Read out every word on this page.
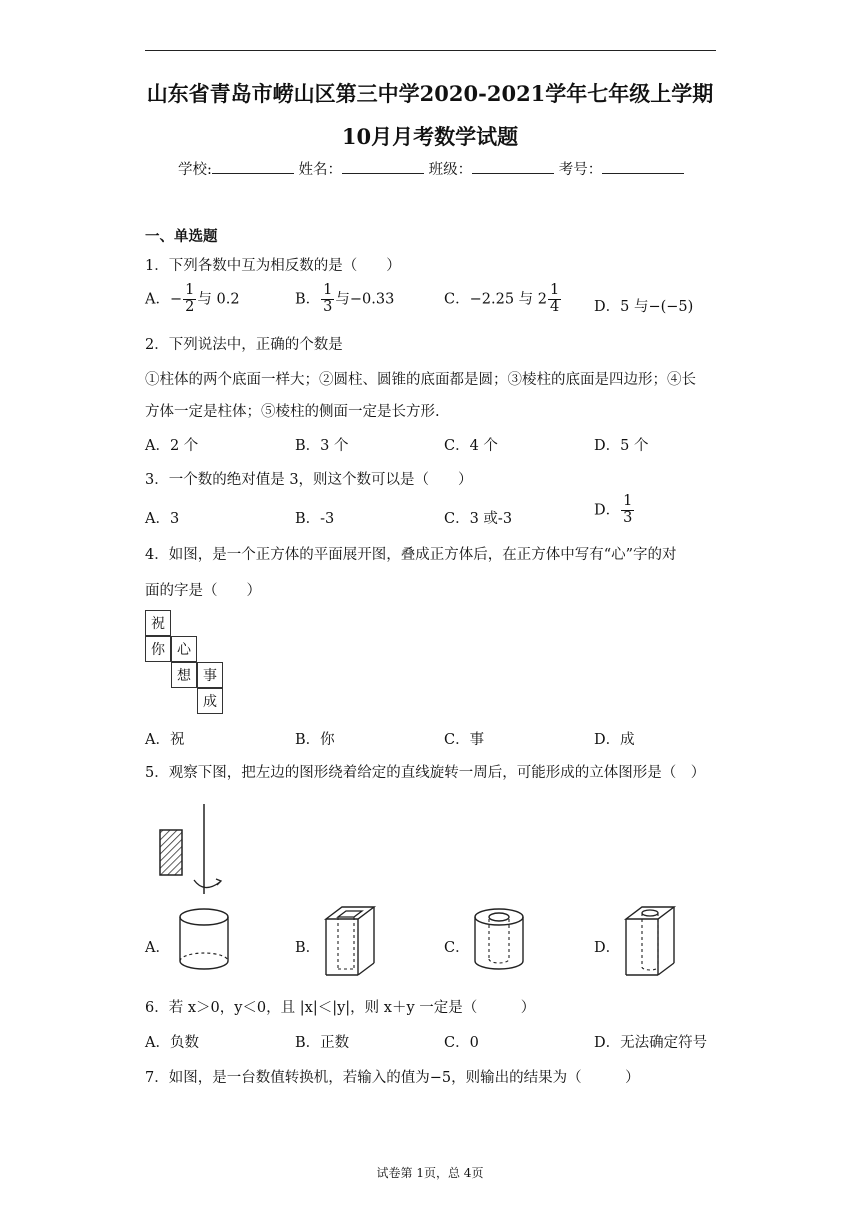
山东省青岛市崂山区第三中学2020-2021学年七年级上学期
10月月考数学试题
学校:	姓名：	班级：	考号：
一、单选题
1．下列各数中互为相反数的是（　　）
A．− $\frac{1}{2}$ 与 0.2	B． $\frac{1}{3}$ 与−0.33	C．−2.25 与 $2 \frac{1}{4}$ D．5 与−(−5)
2．下列说法中，正确的个数是
①柱体的两个底面一样大；②圆柱、圆锥的底面都是圆；③棱柱的底面是四边形；④长
方体一定是柱体；⑤棱柱的侧面一定是长方形.
A．2 个	B．3 个	C．4 个	D．5 个
3．一个数的绝对值是 3，则这个数可以是（　　）
A．3	B．-3	C．3 或-3
D． $\frac{1}{3}$
4．如图，是一个正方体的平面展开图，叠成正方体后，在正方体中写有“心”字的对
面的字是（　　）
祝
你 心
想 事
成
A．祝	B．你	C．事	D．成
5．观察下图，把左边的图形绕着给定的直线旋转一周后，可能形成的立体图形是（　）
A．	B．	C．	D．
6．若 x＞0，y＜0，且 |x|＜|y|，则 x＋y 一定是（　　　）
A．负数	B．正数	C．0	D．无法确定符号
7．如图，是一台数值转换机，若输入的值为−5，则输出的结果为（　　　）
试卷第 1页，总 4页
